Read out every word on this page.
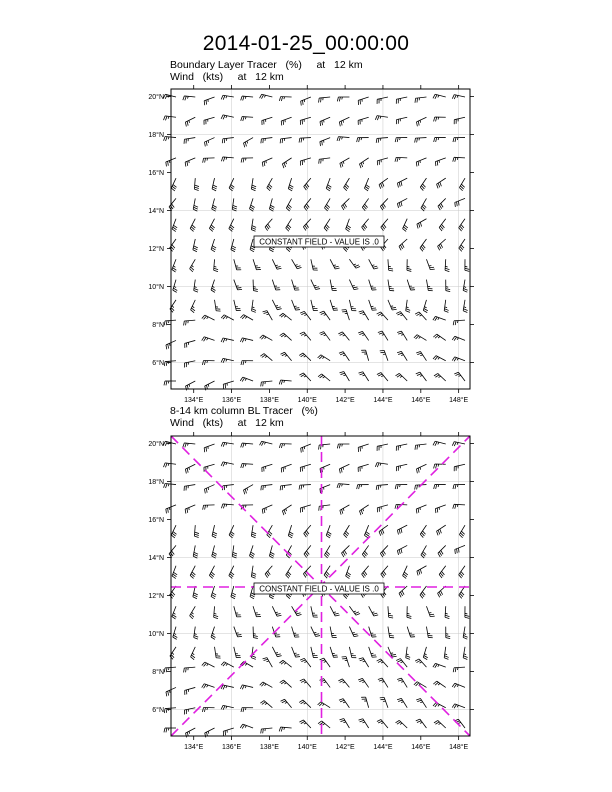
2014-01-25_00:00:00
Boundary Layer Tracer   (%)     at   12 km
Wind   (kts)     at   12 km
8-14 km column BL Tracer   (%)
Wind   (kts)     at   12 km
134°E	136°E	138°E	140°E	142°E	144°E	146°E	148°E
6°N
8°N
10°N
12°N
14°N
16°N
18°N
20°N
CONSTANT FIELD - VALUE IS .0
134°E	136°E	138°E	140°E	142°E	144°E	146°E	148°E
6°N
8°N
10°N
12°N
14°N
16°N
18°N
20°N
CONSTANT FIELD - VALUE IS .0
